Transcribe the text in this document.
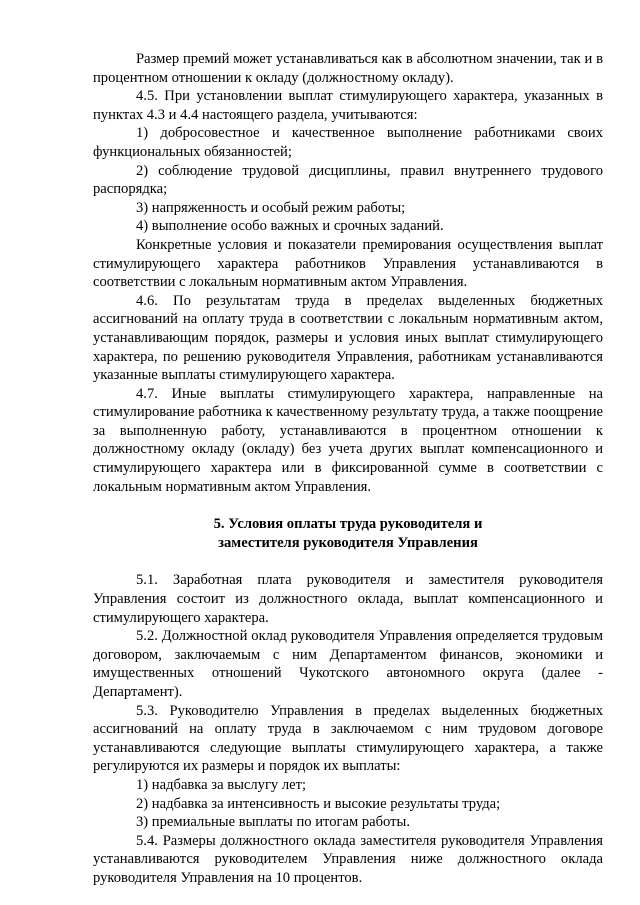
Размер премий может устанавливаться как в абсолютном значении, так и в процентном отношении к окладу (должностному окладу).

4.5. При установлении выплат стимулирующего характера, указанных в пунктах 4.3 и 4.4 настоящего раздела, учитываются:

1) добросовестное и качественное выполнение работниками своих функциональных обязанностей;

2) соблюдение трудовой дисциплины, правил внутреннего трудового распорядка;

3) напряженность и особый режим работы;

4) выполнение особо важных и срочных заданий.

Конкретные условия и показатели премирования осуществления выплат стимулирующего характера работников Управления устанавливаются в соответствии с локальным нормативным актом Управления.

4.6. По результатам труда в пределах выделенных бюджетных ассигнований на оплату труда в соответствии с локальным нормативным актом, устанавливающим порядок, размеры и условия иных выплат стимулирующего характера, по решению руководителя Управления, работникам устанавливаются указанные выплаты стимулирующего характера.

4.7. Иные выплаты стимулирующего характера, направленные на стимулирование работника к качественному результату труда, а также поощрение за выполненную работу, устанавливаются в процентном отношении к должностному окладу (окладу) без учета других выплат компенсационного и стимулирующего характера или в фиксированной сумме в соответствии с локальным нормативным актом Управления.

5. Условия оплаты труда руководителя и
заместителя руководителя Управления

5.1. Заработная плата руководителя и заместителя руководителя Управления состоит из должностного оклада, выплат компенсационного и стимулирующего характера.

5.2. Должностной оклад руководителя Управления определяется трудовым договором, заключаемым с ним Департаментом финансов, экономики и имущественных отношений Чукотского автономного округа (далее - Департамент).

5.3. Руководителю Управления в пределах выделенных бюджетных ассигнований на оплату труда в заключаемом с ним трудовом договоре устанавливаются следующие выплаты стимулирующего характера, а также регулируются их размеры и порядок их выплаты:

1) надбавка за выслугу лет;

2) надбавка за интенсивность и высокие результаты труда;

3) премиальные выплаты по итогам работы.

5.4. Размеры должностного оклада заместителя руководителя Управления устанавливаются руководителем Управления ниже должностного оклада руководителя Управления на 10 процентов.
